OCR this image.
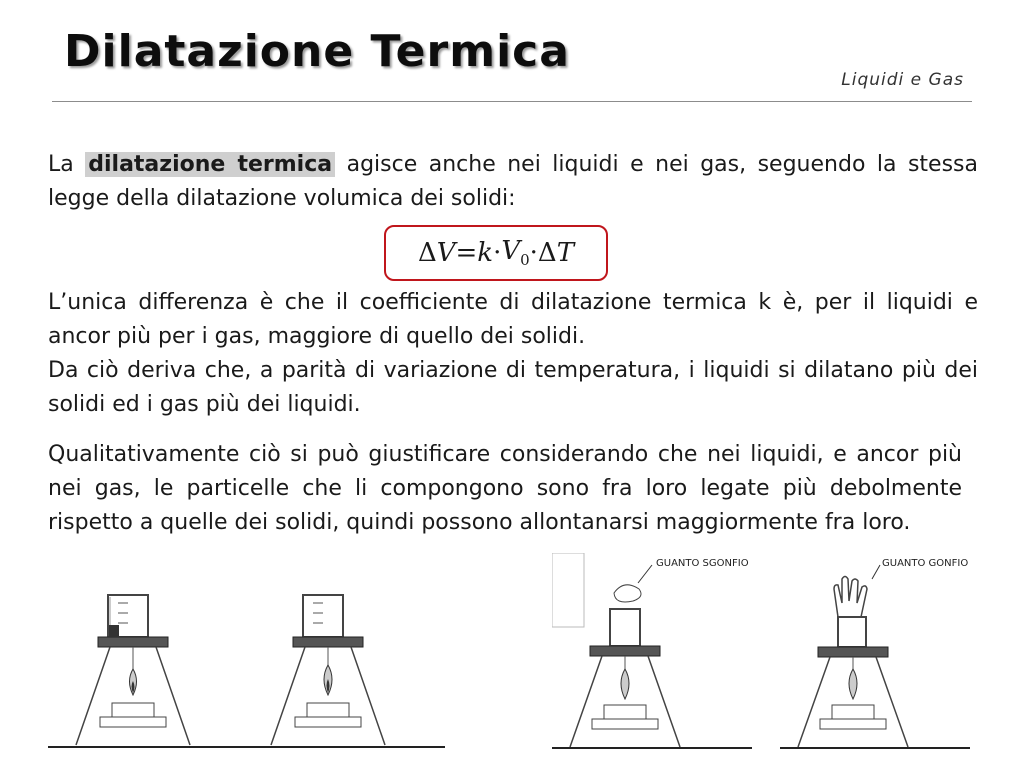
Dilatazione Termica
Liquidi e Gas
La dilatazione termica agisce anche nei liquidi e nei gas, seguendo la stessa legge della dilatazione volumica dei solidi:
$\Delta V = k \cdot V_0 \cdot \Delta T$
L’unica differenza è che il coefficiente di dilatazione termica k è, per il liquidi e ancor più per i gas, maggiore di quello dei solidi.
Da ciò deriva che, a parità di variazione di temperatura, i liquidi si dilatano più dei solidi ed i gas più dei liquidi.
Qualitativamente ciò si può giustificare considerando che nei liquidi, e ancor più nei gas, le particelle che li compongono sono fra loro legate più debolmente rispetto a quelle dei solidi, quindi possono allontanarsi maggiormente fra loro.
GUANTO SGONFIO	GUANTO GONFIO
